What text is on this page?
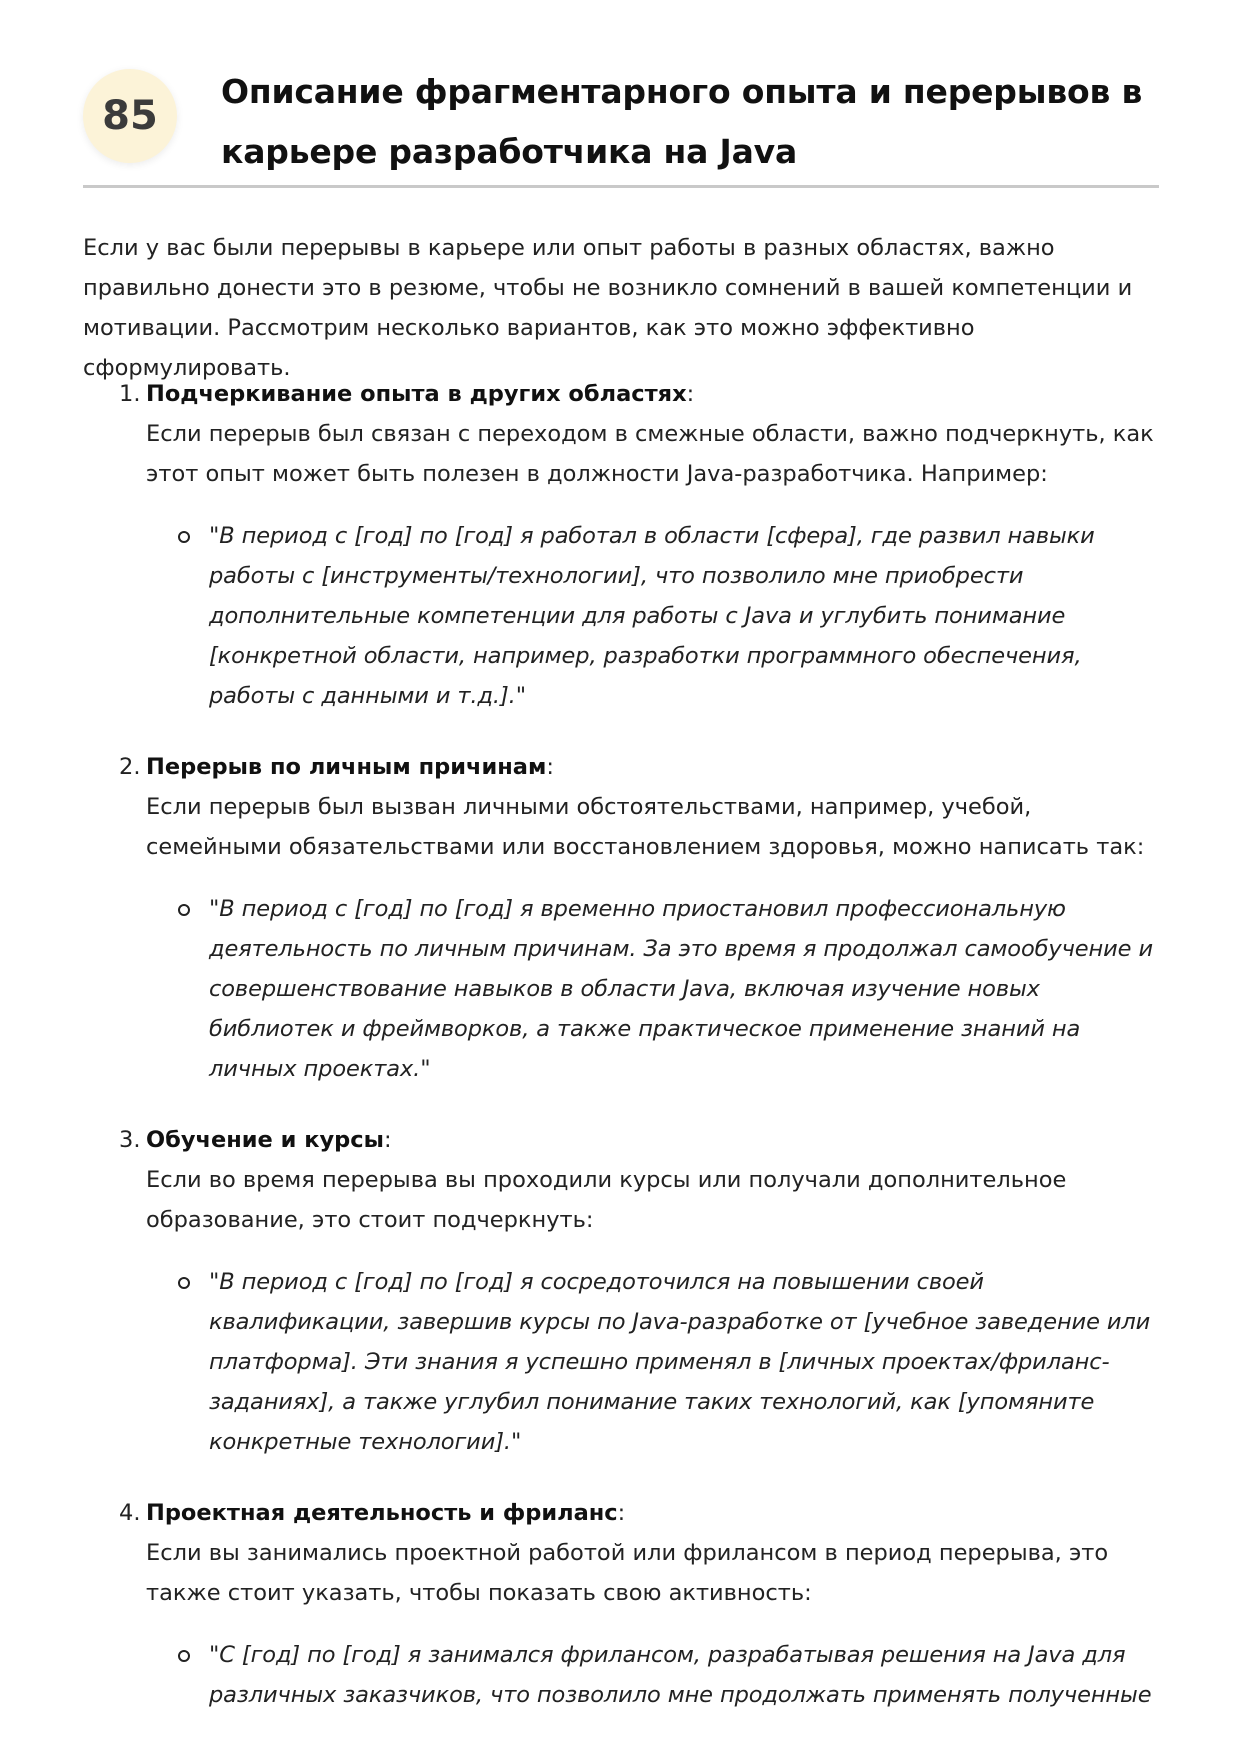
85
Описание фрагментарного опыта и перерывов в карьере разработчика на Java

Если у вас были перерывы в карьере или опыт работы в разных областях, важно правильно донести это в резюме, чтобы не возникло сомнений в вашей компетенции и мотивации. Рассмотрим несколько вариантов, как это можно эффективно сформулировать.

1. Подчеркивание опыта в других областях:
Если перерыв был связан с переходом в смежные области, важно подчеркнуть, как этот опыт может быть полезен в должности Java-разработчика. Например:
"В период с [год] по [год] я работал в области [сфера], где развил навыки работы с [инструменты/технологии], что позволило мне приобрести дополнительные компетенции для работы с Java и углубить понимание [конкретной области, например, разработки программного обеспечения, работы с данными и т.д.]."
2. Перерыв по личным причинам:
Если перерыв был вызван личными обстоятельствами, например, учебой, семейными обязательствами или восстановлением здоровья, можно написать так:
"В период с [год] по [год] я временно приостановил профессиональную деятельность по личным причинам. За это время я продолжал самообучение и совершенствование навыков в области Java, включая изучение новых библиотек и фреймворков, а также практическое применение знаний на личных проектах."
3. Обучение и курсы:
Если во время перерыва вы проходили курсы или получали дополнительное образование, это стоит подчеркнуть:
"В период с [год] по [год] я сосредоточился на повышении своей квалификации, завершив курсы по Java-разработке от [учебное заведение или платформа]. Эти знания я успешно применял в [личных проектах/фриланс-заданиях], а также углубил понимание таких технологий, как [упомяните конкретные технологии]."
4. Проектная деятельность и фриланс:
Если вы занимались проектной работой или фрилансом в период перерыва, это также стоит указать, чтобы показать свою активность:
"С [год] по [год] я занимался фрилансом, разрабатывая решения на Java для различных заказчиков, что позволило мне продолжать применять полученные
